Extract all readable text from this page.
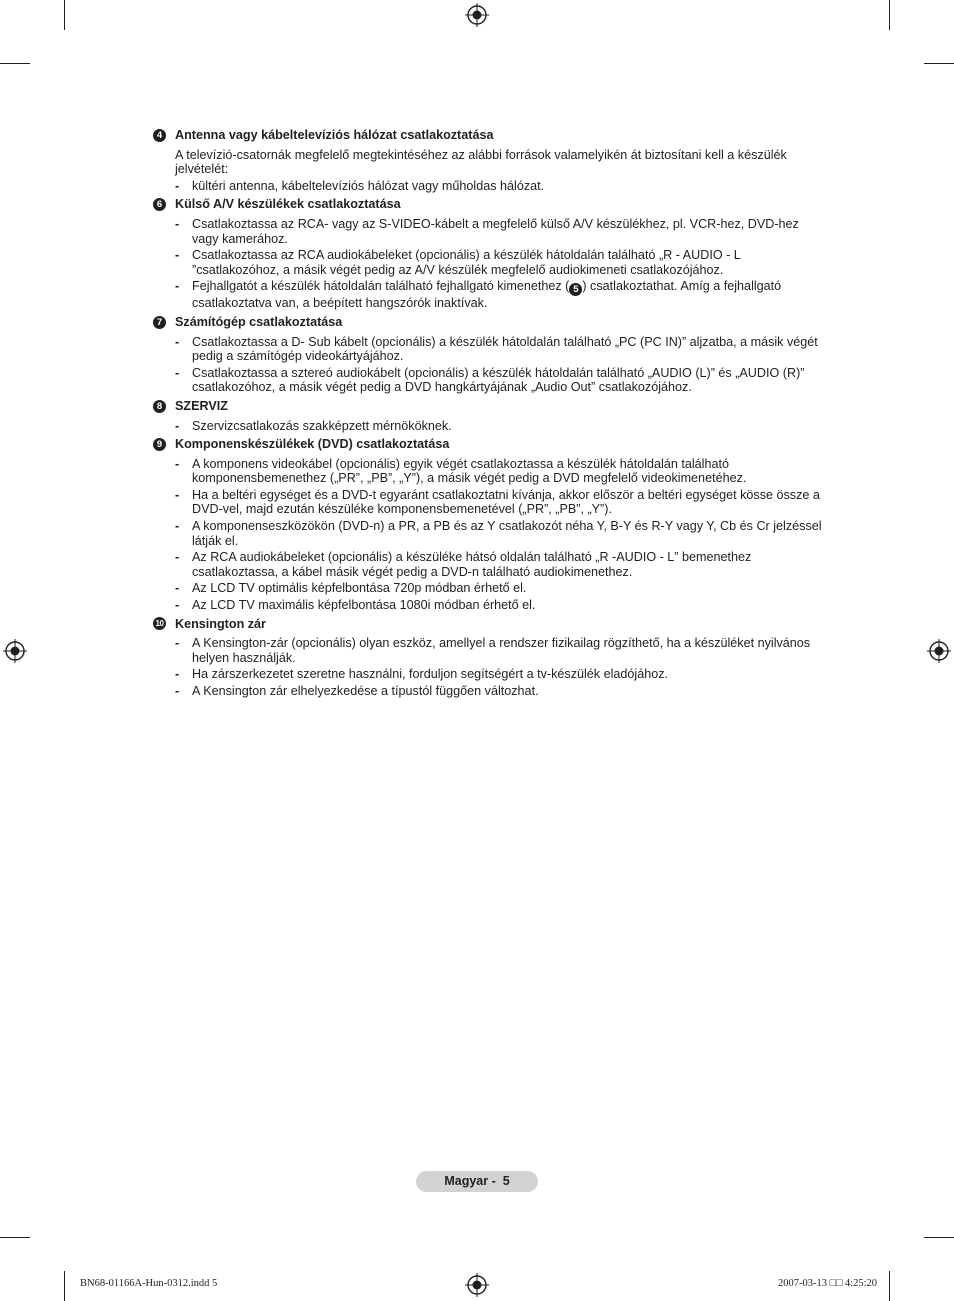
4	Antenna vagy kábeltelevíziós hálózat csatlakoztatása
A televízió-csatornák megfelelő megtekintéséhez az alábbi források valamelyikén át biztosítani kell a készülék jelvételét:
- kültéri antenna, kábeltelevíziós hálózat vagy műholdas hálózat.
6	Külső A/V készülékek csatlakoztatása
- Csatlakoztassa az RCA- vagy az S-VIDEO-kábelt a megfelelő külső A/V készülékhez, pl. VCR-hez, DVD-hez vagy kamerához.
- Csatlakoztassa az RCA audiokábeleket (opcionális) a készülék hátoldalán található „R - AUDIO - L ”csatlakozóhoz, a másik végét pedig az A/V készülék megfelelő audiokimeneti csatlakozójához.
- Fejhallgatót a készülék hátoldalán található fejhallgató kimenethez ( 5 ) csatlakoztathat. Amíg a fejhallgató csatlakoztatva van, a beépített hangszórók inaktívak.
7	Számítógép csatlakoztatása
- Csatlakoztassa a D- Sub kábelt (opcionális) a készülék hátoldalán található „PC (PC IN)” aljzatba, a másik végét pedig a számítógép videokártyájához.
- Csatlakoztassa a sztereó audiokábelt (opcionális) a készülék hátoldalán található „AUDIO (L)” és „AUDIO (R)” csatlakozóhoz, a másik végét pedig a DVD hangkártyájának „Audio Out” csatlakozójához.
8	SZERVIZ
- Szervizcsatlakozás szakképzett mérnököknek.
9	Komponenskészülékek (DVD) csatlakoztatása
- A komponens videokábel (opcionális) egyik végét csatlakoztassa a készülék hátoldalán található komponensbemenethez („PR”, „PB”, „Y”), a másik végét pedig a DVD megfelelő videokimenetéhez.
- Ha a beltéri egységet és a DVD-t egyaránt csatlakoztatni kívánja, akkor először a beltéri egységet kösse össze a DVD-vel, majd ezután készüléke komponensbemenetével („PR”, „PB”, „Y”).
- A komponenseszközökön (DVD-n) a PR, a PB és az Y csatlakozót néha Y, B-Y és R-Y vagy Y, Cb és Cr jelzéssel látják el.
- Az RCA audiokábeleket (opcionális) a készüléke hátsó oldalán található „R -AUDIO - L” bemenethez csatlakoztassa, a kábel másik végét pedig a DVD-n található audiokimenethez.
- Az LCD TV optimális képfelbontása 720p módban érhető el.
- Az LCD TV maximális képfelbontása 1080i módban érhető el.
10 Kensington zár
- A Kensington-zár (opcionális) olyan eszköz, amellyel a rendszer fizikailag rögzíthető, ha a készüléket nyilvános helyen használják.
- Ha zárszerkezetet szeretne használni, forduljon segítségért a tv-készülék eladójához.
- A Kensington zár elhelyezkedése a típustól függően változhat.
Magyar -  5
BN68-01166A-Hun-0312.indd 5	2007-03-13 □□ 4:25:20
